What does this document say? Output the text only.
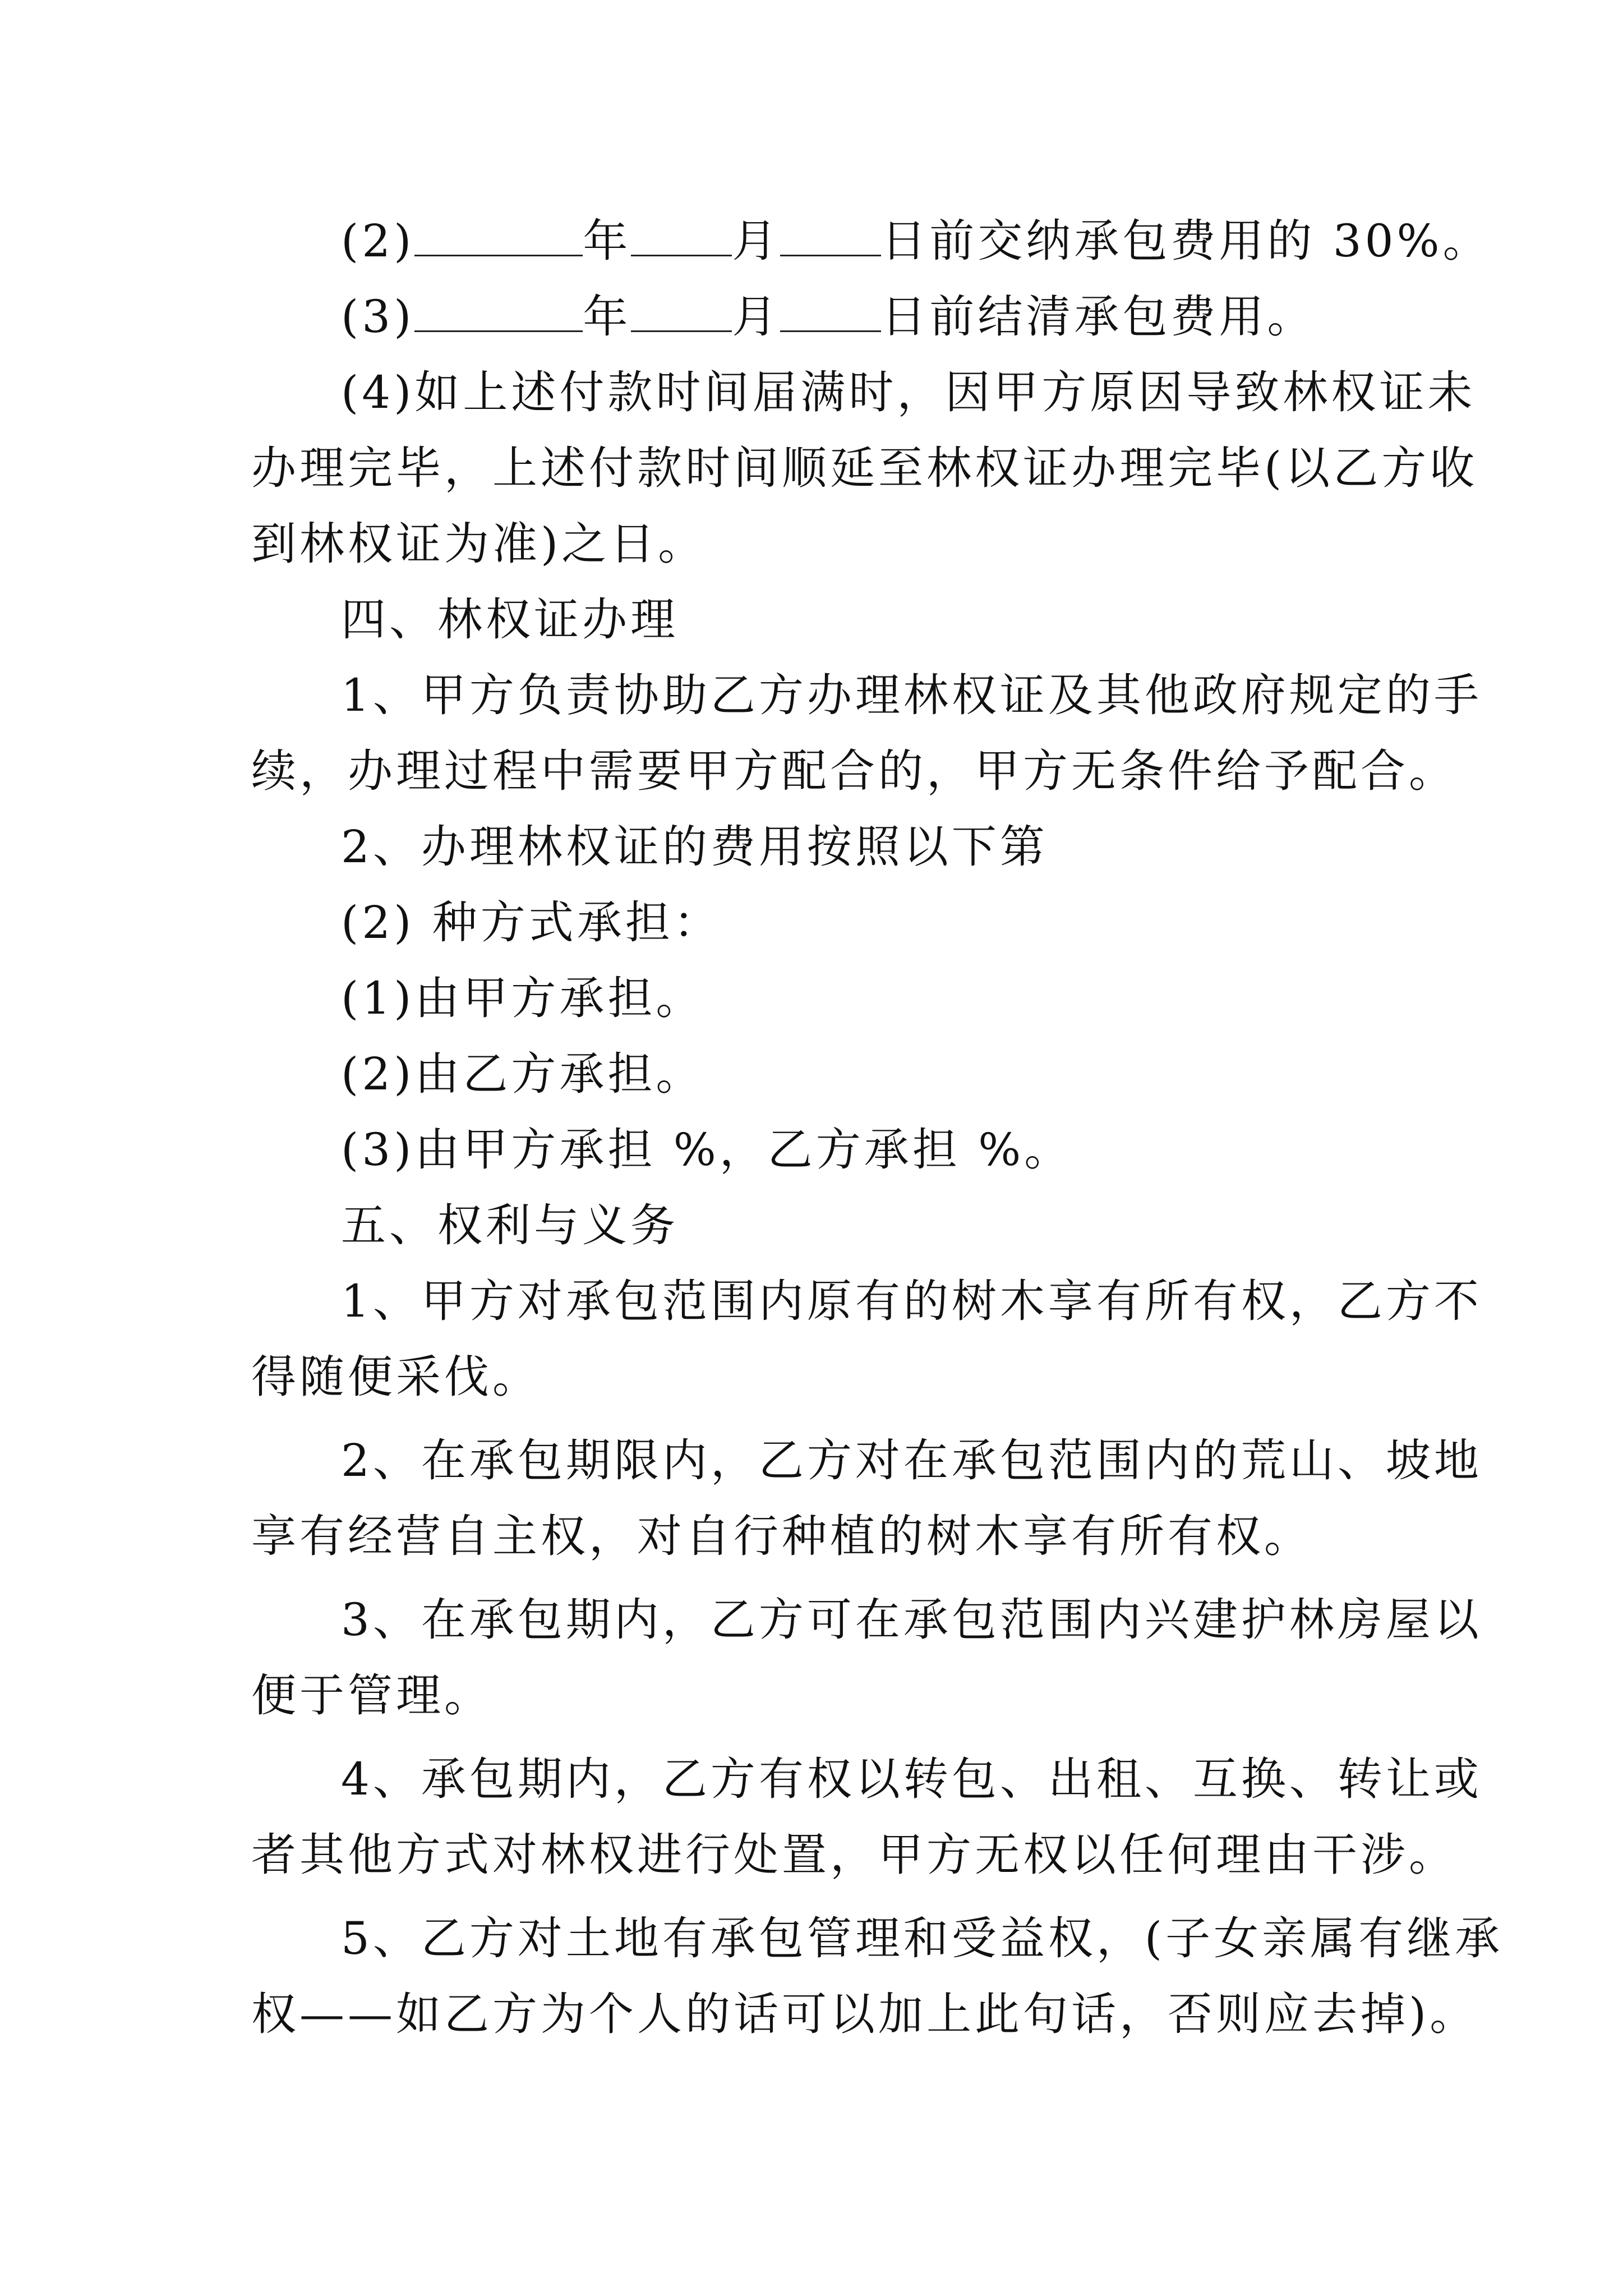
(2)	年 月 日前交纳承包费用的 30%。
(3)	年 月 日前结清承包费用。
(4)如上述付款时间届满时，因甲方原因导致林权证未
办理完毕，上述付款时间顺延至林权证办理完毕(以乙方收
到林权证为准)之日。
四、林权证办理
1、甲方负责协助乙方办理林权证及其他政府规定的手
续，办理过程中需要甲方配合的，甲方无条件给予配合。
2、办理林权证的费用按照以下第
(2) 种方式承担：
(1)由甲方承担。
(2)由乙方承担。
(3)由甲方承担 %，乙方承担 %。
五、权利与义务
1、甲方对承包范围内原有的树木享有所有权，乙方不
得随便采伐。
2、在承包期限内，乙方对在承包范围内的荒山、坡地
享有经营自主权，对自行种植的树木享有所有权。
3、在承包期内，乙方可在承包范围内兴建护林房屋以
便于管理。
4、承包期内，乙方有权以转包、出租、互换、转让或
者其他方式对林权进行处置，甲方无权以任何理由干涉。
5、乙方对土地有承包管理和受益权，(子女亲属有继承
权——如乙方为个人的话可以加上此句话，否则应去掉)。
